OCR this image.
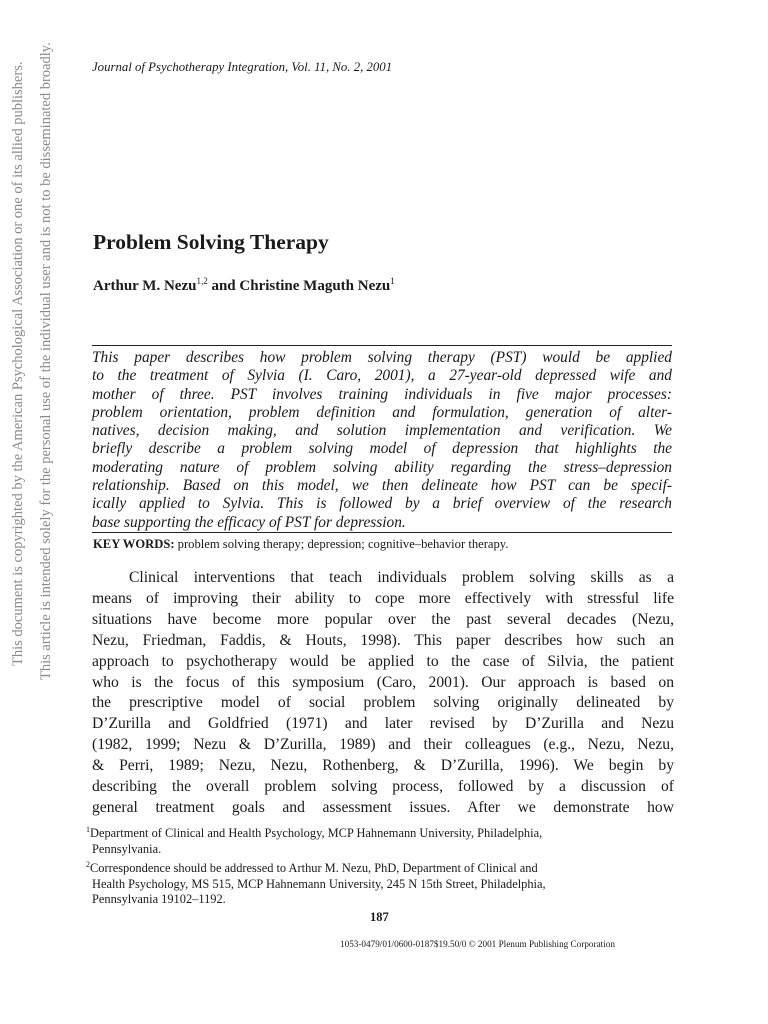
This document is copyrighted by the American Psychological Association or one of its allied publishers. This article is intended solely for the personal use of the individual user and is not to be disseminated broadly.	Journal of Psychotherapy Integration, Vol. 11, No. 2, 2001
Problem Solving Therapy
Arthur M. Nezu$^{1,2}$ and Christine Maguth Nezu$^1$
This paper describes how problem solving therapy (PST) would be applied
to the treatment of Sylvia (I. Caro, 2001), a 27-year-old depressed wife and
mother of three. PST involves training individuals in five major processes:
problem orientation, problem definition and formulation, generation of alter-
natives, decision making, and solution implementation and verification. We
briefly describe a problem solving model of depression that highlights the
moderating nature of problem solving ability regarding the stress–depression
relationship. Based on this model, we then delineate how PST can be specif-
ically applied to Sylvia. This is followed by a brief overview of the research
base supporting the efficacy of PST for depression.
KEY WORDS: problem solving therapy; depression; cognitive–behavior therapy.
Clinical interventions that teach individuals problem solving skills as a
means of improving their ability to cope more effectively with stressful life
situations have become more popular over the past several decades (Nezu,
Nezu, Friedman, Faddis, & Houts, 1998). This paper describes how such an
approach to psychotherapy would be applied to the case of Silvia, the patient
who is the focus of this symposium (Caro, 2001). Our approach is based on
the prescriptive model of social problem solving originally delineated by
D’Zurilla and Goldfried (1971) and later revised by D’Zurilla and Nezu
(1982, 1999; Nezu & D’Zurilla, 1989) and their colleagues (e.g., Nezu, Nezu,
& Perri, 1989; Nezu, Nezu, Rothenberg, & D’Zurilla, 1996). We begin by
describing the overall problem solving process, followed by a discussion of
general treatment goals and assessment issues. After we demonstrate how
$^1$Department of Clinical and Health Psychology, MCP Hahnemann University, Philadelphia,
Pennsylvania.
$^2$Correspondence should be addressed to Arthur M. Nezu, PhD, Department of Clinical and
Health Psychology, MS 515, MCP Hahnemann University, 245 N 15th Street, Philadelphia,
Pennsylvania 19102–1192.
187
1053-0479/01/0600-0187$19.50/0 © 2001 Plenum Publishing Corporation
